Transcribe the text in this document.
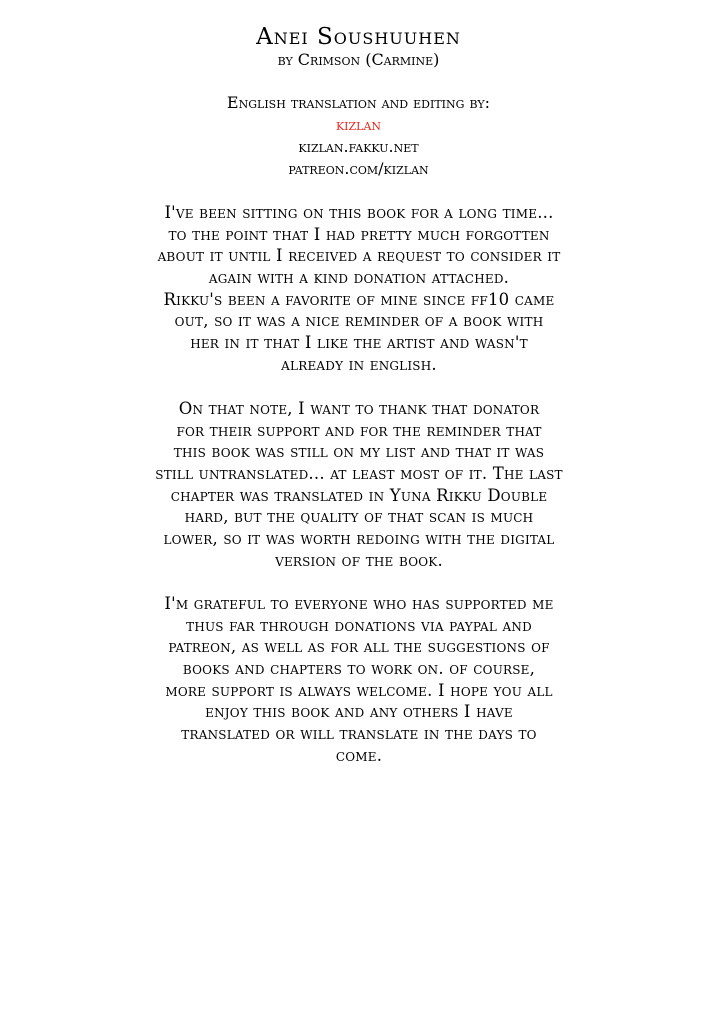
Anei Soushuuhen
by Crimson (Carmine)
English translation and editing by:
kizlan
kizlan.fakku.net
patreon.com/kizlan
I've been sitting on this book for a long time...
to the point that I had pretty much forgotten
about it until I received a request to consider it
again with a kind donation attached.
Rikku's been a favorite of mine since ff10 came
out, so it was a nice reminder of a book with
her in it that I like the artist and wasn't
already in english.
On that note, I want to thank that donator
for their support and for the reminder that
this book was still on my list and that it was
still untranslated... at least most of it. The last
chapter was translated in Yuna Rikku Double
hard, but the quality of that scan is much
lower, so it was worth redoing with the digital
version of the book.
I'm grateful to everyone who has supported me
thus far through donations via paypal and
patreon, as well as for all the suggestions of
books and chapters to work on. of course,
more support is always welcome. I hope you all
enjoy this book and any others I have
translated or will translate in the days to
come.
